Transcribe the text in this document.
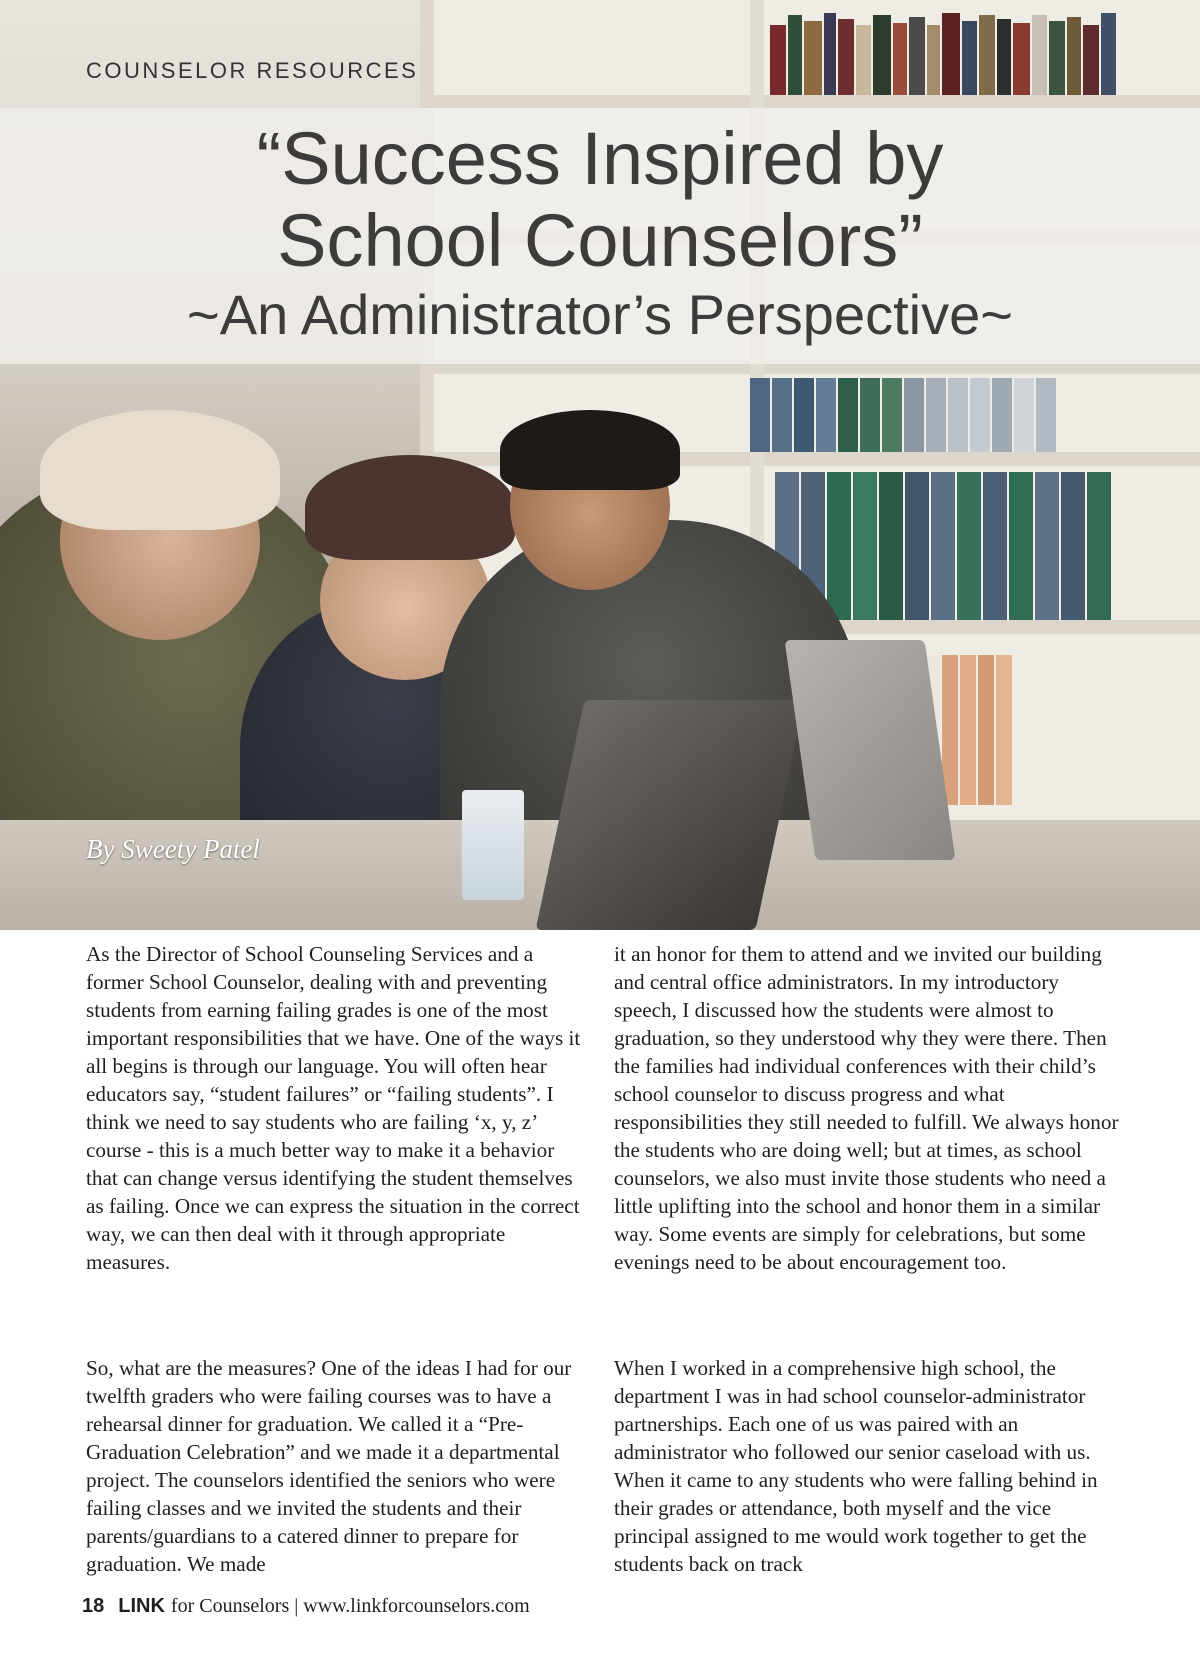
COUNSELOR RESOURCES
“Success Inspired by
School Counselors”
~An Administrator’s Perspective~
By Sweety Patel

As the Director of School Counseling Services and a former School Counselor, dealing with and preventing students from earning failing grades is one of the most important responsibilities that we have. One of the ways it all begins is through our language. You will often hear educators say, “student failures” or “failing students”. I think we need to say students who are failing ‘x, y, z’ course - this is a much better way to make it a behavior that can change versus identifying the student themselves as failing. Once we can express the situation in the correct way, we can then deal with it through appropriate measures.

it an honor for them to attend and we invited our building and central office administrators. In my introductory speech, I discussed how the students were almost to graduation, so they understood why they were there. Then the families had individual conferences with their child’s school counselor to discuss progress and what responsibilities they still needed to fulfill. We always honor the students who are doing well; but at times, as school counselors, we also must invite those students who need a little uplifting into the school and honor them in a similar way. Some events are simply for celebrations, but some evenings need to be about encouragement too.

So, what are the measures? One of the ideas I had for our twelfth graders who were failing courses was to have a rehearsal dinner for graduation. We called it a “Pre-Graduation Celebration” and we made it a departmental project. The counselors identified the seniors who were failing classes and we invited the students and their parents/guardians to a catered dinner to prepare for graduation. We made

When I worked in a comprehensive high school, the department I was in had school counselor-administrator partnerships. Each one of us was paired with an administrator who followed our senior caseload with us. When it came to any students who were falling behind in their grades or attendance, both myself and the vice principal assigned to me would work together to get the students back on track

18 LINK for Counselors | www.linkforcounselors.com
